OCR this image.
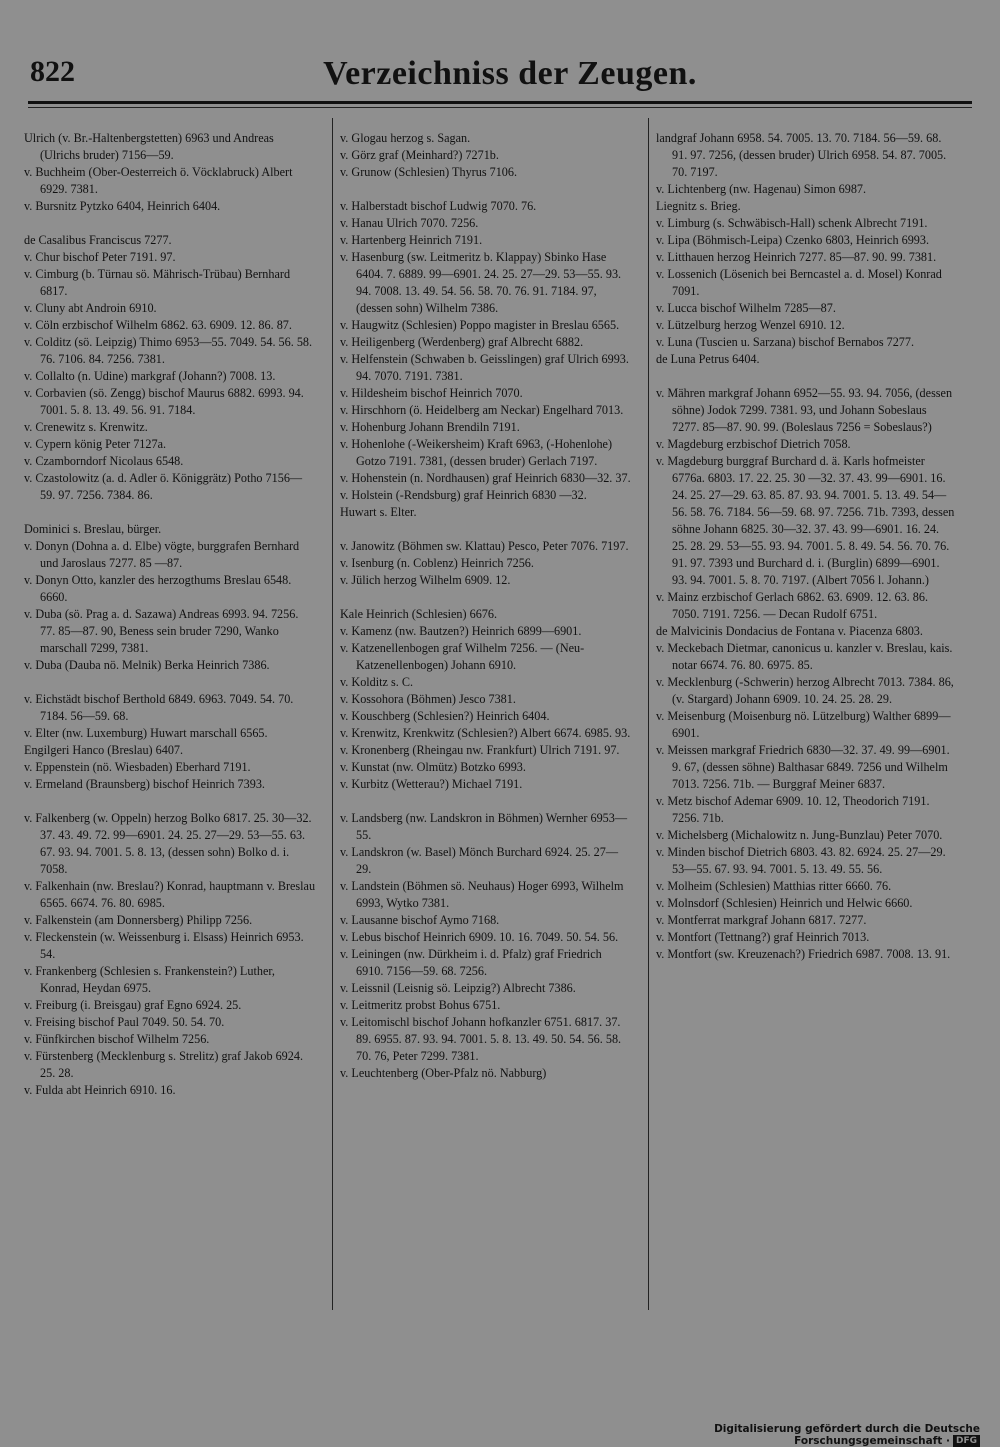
822	Verzeichniss der Zeugen.

Ulrich (v. Br.-Haltenbergstetten) 6963 und Andreas (Ulrichs bruder) 7156—59.

v. Buchheim (Ober-Oesterreich ö. Vöcklabruck) Albert 6929. 7381.

v. Bursnitz Pytzko 6404, Heinrich 6404.

de Casalibus Franciscus 7277.

v. Chur bischof Peter 7191. 97.

v. Cimburg (b. Türnau sö. Mährisch-Trübau) Bernhard 6817.

v. Cluny abt Androin 6910.

v. Cöln erzbischof Wilhelm 6862. 63. 6909. 12. 86. 87.

v. Colditz (sö. Leipzig) Thimo 6953—55. 7049. 54. 56. 58. 76. 7106. 84. 7256. 7381.

v. Collalto (n. Udine) markgraf (Johann?) 7008. 13.

v. Corbavien (sö. Zengg) bischof Maurus 6882. 6993. 94. 7001. 5. 8. 13. 49. 56. 91. 7184.

v. Crenewitz s. Krenwitz.

v. Cypern könig Peter 7127a.

v. Czamborndorf Nicolaus 6548.

v. Czastolowitz (a. d. Adler ö. Königgrätz) Potho 7156—59. 97. 7256. 7384. 86.

Dominici s. Breslau, bürger.

v. Donyn (Dohna a. d. Elbe) vögte, burggrafen Bernhard und Jaroslaus 7277. 85 —87.

v. Donyn Otto, kanzler des herzogthums Breslau 6548. 6660.

v. Duba (sö. Prag a. d. Sazawa) Andreas 6993. 94. 7256. 77. 85—87. 90, Beness sein bruder 7290, Wanko marschall 7299, 7381.

v. Duba (Dauba nö. Melnik) Berka Heinrich 7386.

v. Eichstädt bischof Berthold 6849. 6963. 7049. 54. 70. 7184. 56—59. 68.

v. Elter (nw. Luxemburg) Huwart marschall 6565.

Engilgeri Hanco (Breslau) 6407.

v. Eppenstein (nö. Wiesbaden) Eberhard 7191.

v. Ermeland (Braunsberg) bischof Heinrich 7393.

v. Falkenberg (w. Oppeln) herzog Bolko 6817. 25. 30—32. 37. 43. 49. 72. 99—6901. 24. 25. 27—29. 53—55. 63. 67. 93. 94. 7001. 5. 8. 13, (dessen sohn) Bolko d. i. 7058.

v. Falkenhain (nw. Breslau?) Konrad, hauptmann v. Breslau 6565. 6674. 76. 80. 6985.

v. Falkenstein (am Donnersberg) Philipp 7256.

v. Fleckenstein (w. Weissenburg i. Elsass) Heinrich 6953. 54.

v. Frankenberg (Schlesien s. Frankenstein?) Luther, Konrad, Heydan 6975.

v. Freiburg (i. Breisgau) graf Egno 6924. 25.

v. Freising bischof Paul 7049. 50. 54. 70.

v. Fünfkirchen bischof Wilhelm 7256.

v. Fürstenberg (Mecklenburg s. Strelitz) graf Jakob 6924. 25. 28.

v. Fulda abt Heinrich 6910. 16.

v. Glogau herzog s. Sagan.

v. Görz graf (Meinhard?) 7271b.

v. Grunow (Schlesien) Thyrus 7106.

v. Halberstadt bischof Ludwig 7070. 76.

v. Hanau Ulrich 7070. 7256.

v. Hartenberg Heinrich 7191.

v. Hasenburg (sw. Leitmeritz b. Klappay) Sbinko Hase 6404. 7. 6889. 99—6901. 24. 25. 27—29. 53—55. 93. 94. 7008. 13. 49. 54. 56. 58. 70. 76. 91. 7184. 97, (dessen sohn) Wilhelm 7386.

v. Haugwitz (Schlesien) Poppo magister in Breslau 6565.

v. Heiligenberg (Werdenberg) graf Albrecht 6882.

v. Helfenstein (Schwaben b. Geisslingen) graf Ulrich 6993. 94. 7070. 7191. 7381.

v. Hildesheim bischof Heinrich 7070.

v. Hirschhorn (ö. Heidelberg am Neckar) Engelhard 7013.

v. Hohenburg Johann Brendiln 7191.

v. Hohenlohe (-Weikersheim) Kraft 6963, (-Hohenlohe) Gotzo 7191. 7381, (dessen bruder) Gerlach 7197.

v. Hohenstein (n. Nordhausen) graf Heinrich 6830—32. 37.

v. Holstein (-Rendsburg) graf Heinrich 6830 —32.

Huwart s. Elter.

v. Janowitz (Böhmen sw. Klattau) Pesco, Peter 7076. 7197.

v. Isenburg (n. Coblenz) Heinrich 7256.

v. Jülich herzog Wilhelm 6909. 12.

Kale Heinrich (Schlesien) 6676.

v. Kamenz (nw. Bautzen?) Heinrich 6899—6901.

v. Katzenellenbogen graf Wilhelm 7256. — (Neu-Katzenellenbogen) Johann 6910.

v. Kolditz s. C.

v. Kossohora (Böhmen) Jesco 7381.

v. Kouschberg (Schlesien?) Heinrich 6404.

v. Krenwitz, Krenkwitz (Schlesien?) Albert 6674. 6985. 93.

v. Kronenberg (Rheingau nw. Frankfurt) Ulrich 7191. 97.

v. Kunstat (nw. Olmütz) Botzko 6993.

v. Kurbitz (Wetterau?) Michael 7191.

v. Landsberg (nw. Landskron in Böhmen) Wernher 6953—55.

v. Landskron (w. Basel) Mönch Burchard 6924. 25. 27—29.

v. Landstein (Böhmen sö. Neuhaus) Hoger 6993, Wilhelm 6993, Wytko 7381.

v. Lausanne bischof Aymo 7168.

v. Lebus bischof Heinrich 6909. 10. 16. 7049. 50. 54. 56.

v. Leiningen (nw. Dürkheim i. d. Pfalz) graf Friedrich 6910. 7156—59. 68. 7256.

v. Leissnil (Leisnig sö. Leipzig?) Albrecht 7386.

v. Leitmeritz probst Bohus 6751.

v. Leitomischl bischof Johann hofkanzler 6751. 6817. 37. 89. 6955. 87. 93. 94. 7001. 5. 8. 13. 49. 50. 54. 56. 58. 70. 76, Peter 7299. 7381.

v. Leuchtenberg (Ober-Pfalz nö. Nabburg)

landgraf Johann 6958. 54. 7005. 13. 70. 7184. 56—59. 68. 91. 97. 7256, (dessen bruder) Ulrich 6958. 54. 87. 7005. 70. 7197.

v. Lichtenberg (nw. Hagenau) Simon 6987.

Liegnitz s. Brieg.

v. Limburg (s. Schwäbisch-Hall) schenk Albrecht 7191.

v. Lipa (Böhmisch-Leipa) Czenko 6803, Heinrich 6993.

v. Litthauen herzog Heinrich 7277. 85—87. 90. 99. 7381.

v. Lossenich (Lösenich bei Berncastel a. d. Mosel) Konrad 7091.

v. Lucca bischof Wilhelm 7285—87.

v. Lützelburg herzog Wenzel 6910. 12.

v. Luna (Tuscien u. Sarzana) bischof Bernabos 7277.

de Luna Petrus 6404.

v. Mähren markgraf Johann 6952—55. 93. 94. 7056, (dessen söhne) Jodok 7299. 7381. 93, und Johann Sobeslaus 7277. 85—87. 90. 99. (Boleslaus 7256 = Sobeslaus?)

v. Magdeburg erzbischof Dietrich 7058.

v. Magdeburg burggraf Burchard d. ä. Karls hofmeister 6776a. 6803. 17. 22. 25. 30 —32. 37. 43. 99—6901. 16. 24. 25. 27—29. 63. 85. 87. 93. 94. 7001. 5. 13. 49. 54—56. 58. 76. 7184. 56—59. 68. 97. 7256. 71b. 7393, dessen söhne Johann 6825. 30—32. 37. 43. 99—6901. 16. 24. 25. 28. 29. 53—55. 93. 94. 7001. 5. 8. 49. 54. 56. 70. 76. 91. 97. 7393 und Burchard d. i. (Burglin) 6899—6901. 93. 94. 7001. 5. 8. 70. 7197. (Albert 7056 l. Johann.)

v. Mainz erzbischof Gerlach 6862. 63. 6909. 12. 63. 86. 7050. 7191. 7256. — Decan Rudolf 6751.

de Malvicinis Dondacius de Fontana v. Piacenza 6803.

v. Meckebach Dietmar, canonicus u. kanzler v. Breslau, kais. notar 6674. 76. 80. 6975. 85.

v. Mecklenburg (-Schwerin) herzog Albrecht 7013. 7384. 86, (v. Stargard) Johann 6909. 10. 24. 25. 28. 29.

v. Meisenburg (Moisenburg nö. Lützelburg) Walther 6899—6901.

v. Meissen markgraf Friedrich 6830—32. 37. 49. 99—6901. 9. 67, (dessen söhne) Balthasar 6849. 7256 und Wilhelm 7013. 7256. 71b. — Burggraf Meiner 6837.

v. Metz bischof Ademar 6909. 10. 12, Theodorich 7191. 7256. 71b.

v. Michelsberg (Michalowitz n. Jung-Bunzlau) Peter 7070.

v. Minden bischof Dietrich 6803. 43. 82. 6924. 25. 27—29. 53—55. 67. 93. 94. 7001. 5. 13. 49. 55. 56.

v. Molheim (Schlesien) Matthias ritter 6660. 76.

v. Molnsdorf (Schlesien) Heinrich und Helwic 6660.

v. Montferrat markgraf Johann 6817. 7277.

v. Montfort (Tettnang?) graf Heinrich 7013.

v. Montfort (sw. Kreuzenach?) Friedrich 6987. 7008. 13. 91.

Digitalisierung gefördert durch die Deutsche Forschungsgemeinschaft · DFG
